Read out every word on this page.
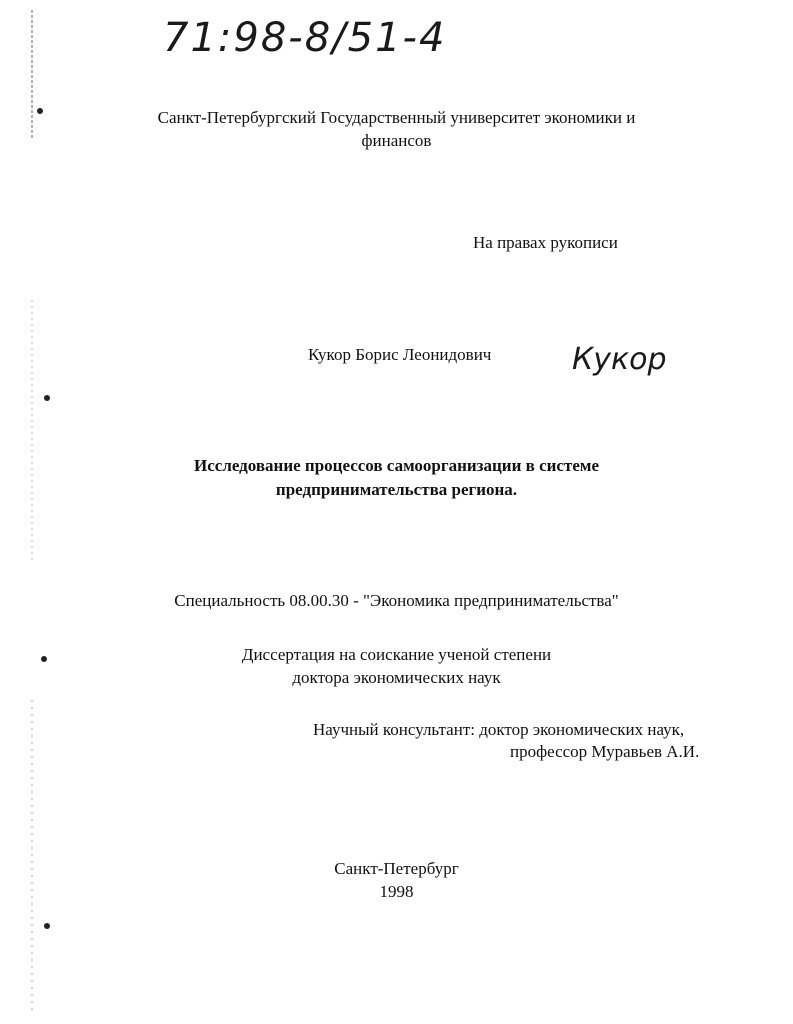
71:98-8/51-4
Санкт-Петербургский Государственный университет экономики и
финансов
На правах рукописи
Кукор Борис Леонидович	Кукор
Исследование процессов самоорганизации в системе
предпринимательства региона.
Специальность 08.00.30 - "Экономика предпринимательства"
Диссертация на соискание ученой степени
доктора экономических наук
Научный консультант: доктор экономических наук,
профессор Муравьев А.И.
Санкт-Петербург
1998
